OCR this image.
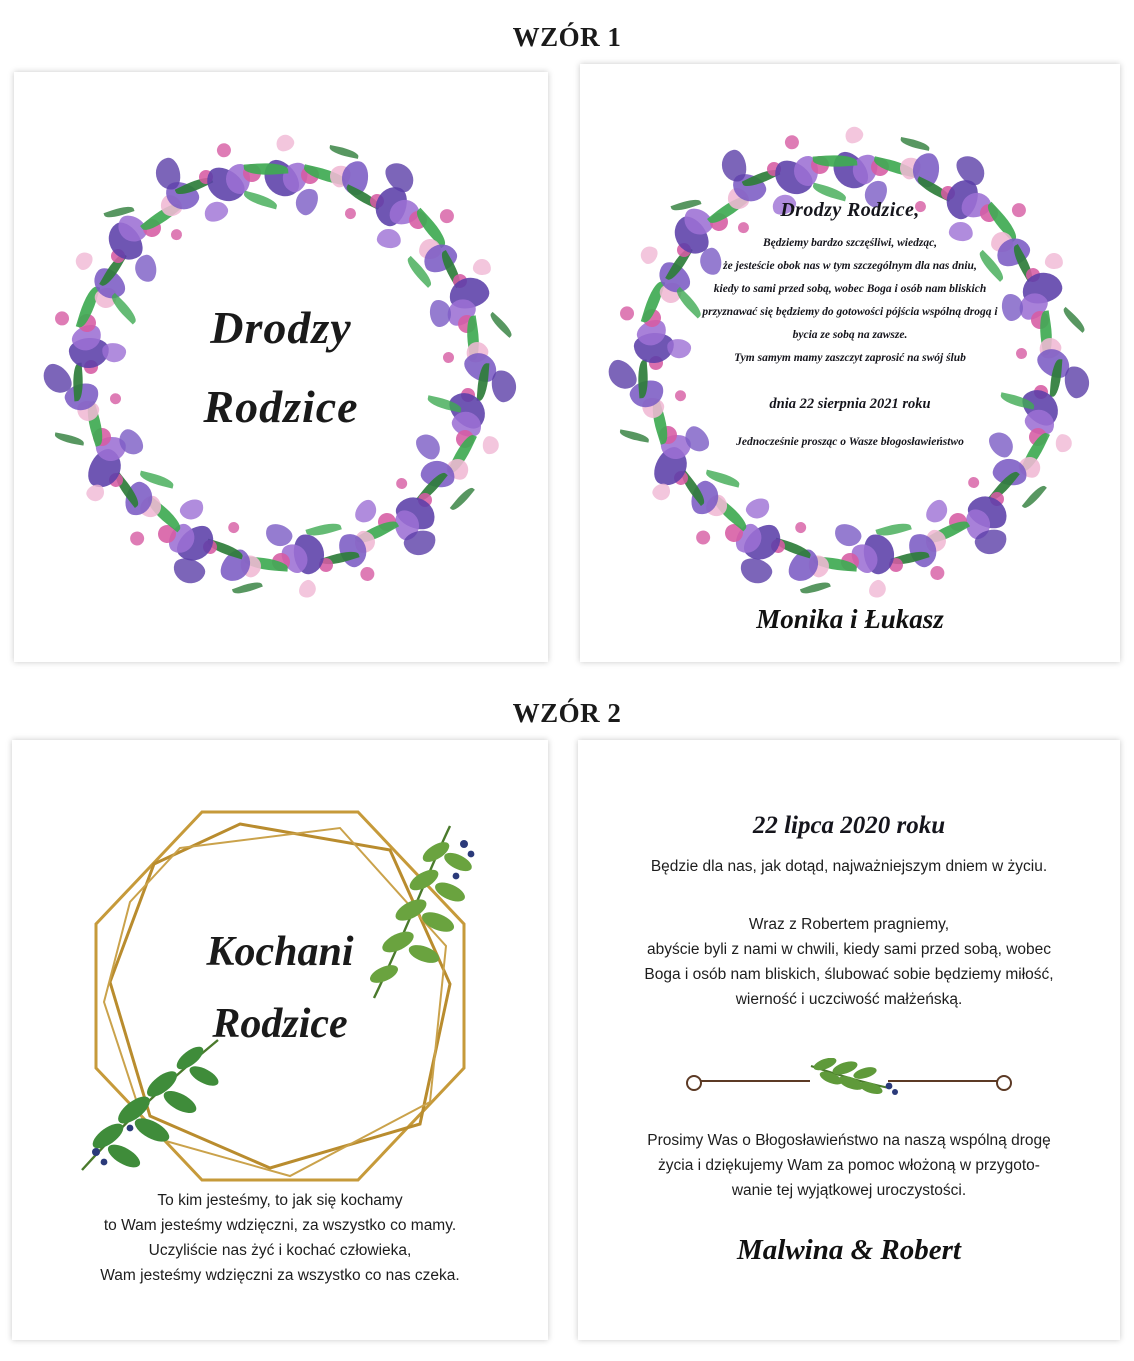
WZÓR 1
Drodzy
Rodzice
Drodzy Rodzice,
Będziemy bardzo szczęśliwi, wiedząc,
że jesteście obok nas w tym szczególnym dla nas dniu,
kiedy to sami przed sobą, wobec Boga i osób nam bliskich
przyznawać się będziemy do gotowości pójścia wspólną drogą i
bycia ze sobą na zawsze.
Tym samym mamy zaszczyt zaprosić na swój ślub
dnia 22 sierpnia 2021 roku
Jednocześnie prosząc o Wasze błogosławieństwo
Monika i Łukasz
WZÓR 2
Kochani
Rodzice
To kim jesteśmy, to jak się kochamy
to Wam jesteśmy wdzięczni, za wszystko co mamy.
Uczyliście nas żyć i kochać człowieka,
Wam jesteśmy wdzięczni za wszystko co nas czeka.
22 lipca 2020 roku
Będzie dla nas, jak dotąd, najważniejszym dniem w życiu.
Wraz z Robertem pragniemy,
abyście byli z nami w chwili, kiedy sami przed sobą, wobec
Boga i osób nam bliskich, ślubować sobie będziemy miłość,
wierność i uczciwość małżeńską.
Prosimy Was o Błogosławieństwo na naszą wspólną drogę
życia i dziękujemy Wam za pomoc włożoną w przygoto-
wanie tej wyjątkowej uroczystości.
Malwina & Robert
